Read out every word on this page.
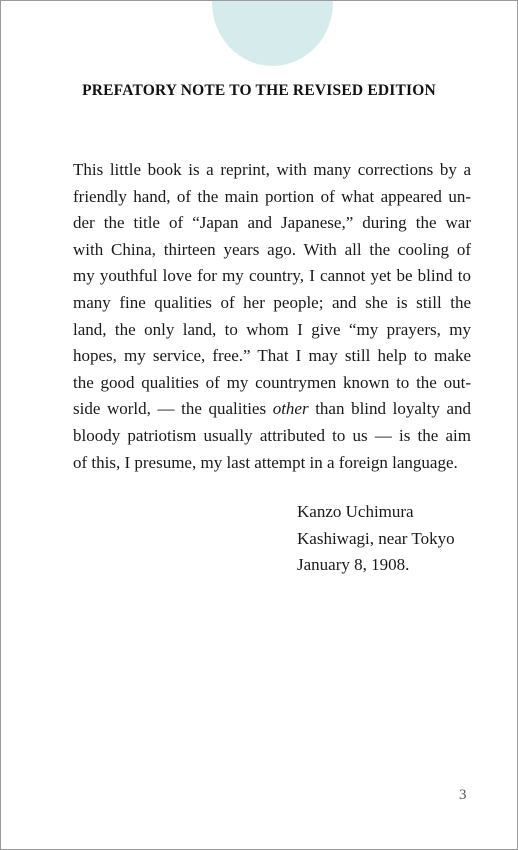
PREFATORY NOTE TO THE REVISED EDITION
This little book is a reprint, with many corrections by a
friendly hand, of the main portion of what appeared un-
der the title of “Japan and Japanese,” during the war
with China, thirteen years ago. With all the cooling of
my youthful love for my country, I cannot yet be blind to
many fine qualities of her people; and she is still the
land, the only land, to whom I give “my prayers, my
hopes, my service, free.” That I may still help to make
the good qualities of my countrymen known to the out-
side world, — the qualities other than blind loyalty and
bloody patriotism usually attributed to us — is the aim
of this, I presume, my last attempt in a foreign language.
Kanzo Uchimura
Kashiwagi, near Tokyo
January 8, 1908.
3
